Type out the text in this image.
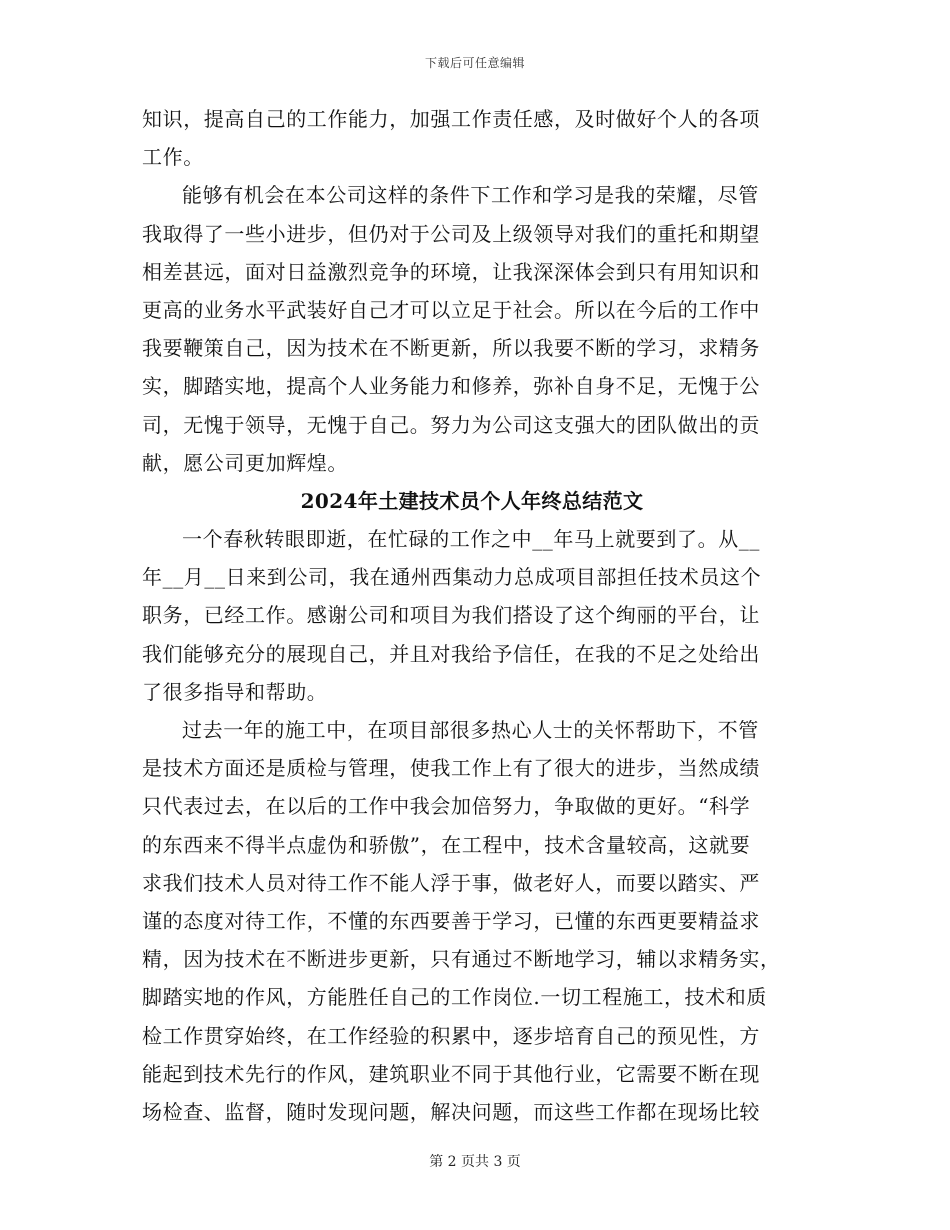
下载后可任意编辑
知识，提高自己的工作能力，加强工作责任感，及时做好个人的各项
工作。
能够有机会在本公司这样的条件下工作和学习是我的荣耀，尽管
我取得了一些小进步，但仍对于公司及上级领导对我们的重托和期望
相差甚远，面对日益激烈竞争的环境，让我深深体会到只有用知识和
更高的业务水平武装好自己才可以立足于社会。所以在今后的工作中
我要鞭策自己，因为技术在不断更新，所以我要不断的学习，求精务
实，脚踏实地，提高个人业务能力和修养，弥补自身不足，无愧于公
司，无愧于领导，无愧于自己。努力为公司这支强大的团队做出的贡
献，愿公司更加辉煌。
2024年土建技术员个人年终总结范文
一个春秋转眼即逝，在忙碌的工作之中__年马上就要到了。从__
年__月__日来到公司，我在通州西集动力总成项目部担任技术员这个
职务，已经工作。感谢公司和项目为我们搭设了这个绚丽的平台，让
我们能够充分的展现自己，并且对我给予信任，在我的不足之处给出
了很多指导和帮助。
过去一年的施工中，在项目部很多热心人士的关怀帮助下，不管
是技术方面还是质检与管理，使我工作上有了很大的进步，当然成绩
只代表过去，在以后的工作中我会加倍努力，争取做的更好。“科学
的东西来不得半点虚伪和骄傲”，在工程中，技术含量较高，这就要
求我们技术人员对待工作不能人浮于事，做老好人，而要以踏实、严
谨的态度对待工作，不懂的东西要善于学习，已懂的东西更要精益求
精，因为技术在不断进步更新，只有通过不断地学习，辅以求精务实，
脚踏实地的作风，方能胜任自己的工作岗位.一切工程施工，技术和质
检工作贯穿始终，在工作经验的积累中，逐步培育自己的预见性，方
能起到技术先行的作风，建筑职业不同于其他行业，它需要不断在现
场检查、监督，随时发现问题，解决问题，而这些工作都在现场比较
第 2 页共 3 页
